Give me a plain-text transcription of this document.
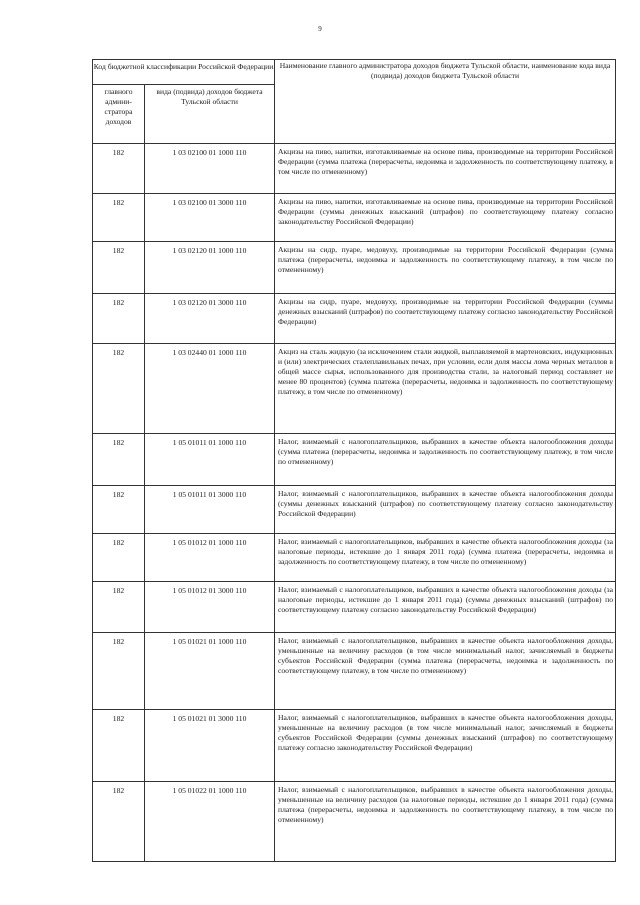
9
Код бюджетной классификации Российской Федерации		Наименование главного администратора доходов бюджета Тульской области, наименование кода вида (подвида) доходов бюджета Тульской области
главного админи-стратора доходов	вида (подвида) доходов бюджета Тульской области	
182	1 03 02100 01 1000 110	Акцизы на пиво, напитки, изготавливаемые на основе пива, производимые на территории Российской Федерации (сумма платежа (перерасчеты, недоимка и задолженность по соответствующему платежу, в том числе по отмененному)
182	1 03 02100 01 3000 110	Акцизы на пиво, напитки, изготавливаемые на основе пива, производимые на территории Российской Федерации (суммы денежных взысканий (штрафов) по соответствующему платежу согласно законодательству Российской Федерации)
182	1 03 02120 01 1000 110	Акцизы на сидр, пуаре, медовуху, производимые на территории Российской Федерации (сумма платежа (перерасчеты, недоимка и задолженность по соответствующему платежу, в том числе по отмененному)
182	1 03 02120 01 3000 110	Акцизы на сидр, пуаре, медовуху, производимые на территории Российской Федерации (суммы денежных взысканий (штрафов) по соответствующему платежу согласно законодательству Российской Федерации)
182	1 03 02440 01 1000 110	Акциз на сталь жидкую (за исключением стали жидкой, выплавляемой в мартеновских, индукционных и (или) электрических сталеплавильных печах, при условии, если доля массы лома черных металлов в общей массе сырья, использованного для производства стали, за налоговый период составляет не менее 80 процентов) (сумма платежа (перерасчеты, недоимка и задолженность по соответствующему платежу, в том числе по отмененному)
182	1 05 01011 01 1000 110	Налог, взимаемый с налогоплательщиков, выбравших в качестве объекта налогообложения доходы (сумма платежа (перерасчеты, недоимка и задолженность по соответствующему платежу, в том числе по отмененному)
182	1 05 01011 01 3000 110	Налог, взимаемый с налогоплательщиков, выбравших в качестве объекта налогообложения доходы (суммы денежных взысканий (штрафов) по соответствующему платежу согласно законодательству Российской Федерации)
182	1 05 01012 01 1000 110	Налог, взимаемый с налогоплательщиков, выбравших в качестве объекта налогообложения доходы (за налоговые периоды, истекшие до 1 января 2011 года) (сумма платежа (перерасчеты, недоимка и задолженность по соответствующему платежу, в том числе по отмененному)
182	1 05 01012 01 3000 110	Налог, взимаемый с налогоплательщиков, выбравших в качестве объекта налогообложения доходы (за налоговые периоды, истекшие до 1 января 2011 года) (суммы денежных взысканий (штрафов) по соответствующему платежу согласно законодательству Российской Федерации)
182	1 05 01021 01 1000 110	Налог, взимаемый с налогоплательщиков, выбравших в качестве объекта налогообложения доходы, уменьшенные на величину расходов (в том числе минимальный налог, зачисляемый в бюджеты субъектов Российской Федерации (сумма платежа (перерасчеты, недоимка и задолженность по соответствующему платежу, в том числе по отмененному)
182	1 05 01021 01 3000 110	Налог, взимаемый с налогоплательщиков, выбравших в качестве объекта налогообложения доходы, уменьшенные на величину расходов (в том числе минимальный налог, зачисляемый в бюджеты субъектов Российской Федерации (суммы денежных взысканий (штрафов) по соответствующему платежу согласно законодательству Российской Федерации)
182	1 05 01022 01 1000 110	Налог, взимаемый с налогоплательщиков, выбравших в качестве объекта налогообложения доходы, уменьшенные на величину расходов (за налоговые периоды, истекшие до 1 января 2011 года) (сумма платежа (перерасчеты, недоимка и задолженность по соответствующему платежу, в том числе по отмененному)
